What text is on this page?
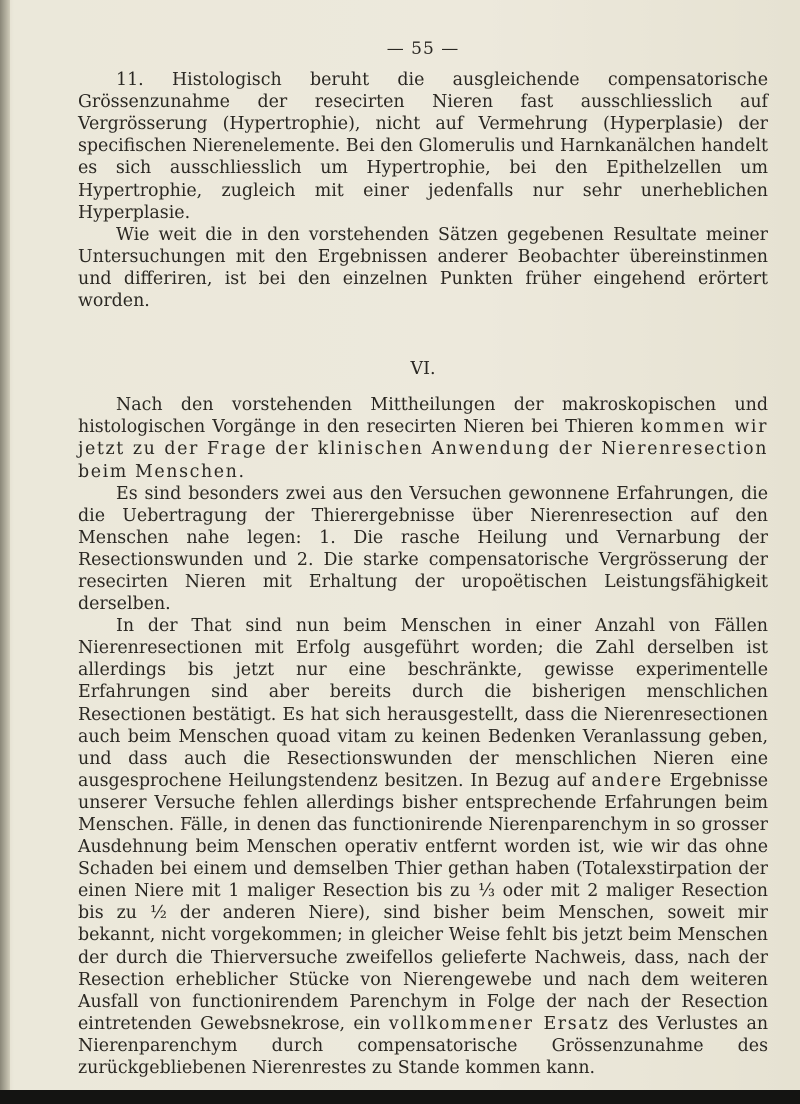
— 55 —

11. Histologisch beruht die ausgleichende compensatorische Grössenzunahme der resecirten Nieren fast ausschliesslich auf Vergrösserung (Hypertrophie), nicht auf Vermehrung (Hyperplasie) der specifischen Nierenelemente. Bei den Glomerulis und Harnkanälchen handelt es sich ausschliesslich um Hypertrophie, bei den Epithelzellen um Hypertrophie, zugleich mit einer jedenfalls nur sehr unerheblichen Hyperplasie.

Wie weit die in den vorstehenden Sätzen gegebenen Resultate meiner Untersuchungen mit den Ergebnissen anderer Beobachter übereinstinmen und differiren, ist bei den einzelnen Punkten früher eingehend erörtert worden.

VI.

Nach den vorstehenden Mittheilungen der makroskopischen und histologischen Vorgänge in den resecirten Nieren bei Thieren kommen wir jetzt zu der Frage der klinischen Anwendung der Nierenresection beim Menschen.

Es sind besonders zwei aus den Versuchen gewonnene Erfahrungen, die die Uebertragung der Thierergebnisse über Nierenresection auf den Menschen nahe legen: 1. Die rasche Heilung und Vernarbung der Resectionswunden und 2. Die starke compensatorische Vergrösserung der resecirten Nieren mit Erhaltung der uropoëtischen Leistungsfähigkeit derselben.

In der That sind nun beim Menschen in einer Anzahl von Fällen Nierenresectionen mit Erfolg ausgeführt worden; die Zahl derselben ist allerdings bis jetzt nur eine beschränkte, gewisse experimentelle Erfahrungen sind aber bereits durch die bisherigen menschlichen Resectionen bestätigt. Es hat sich herausgestellt, dass die Nierenresectionen auch beim Menschen quoad vitam zu keinen Bedenken Veranlassung geben, und dass auch die Resectionswunden der menschlichen Nieren eine ausgesprochene Heilungstendenz besitzen. In Bezug auf andere Ergebnisse unserer Versuche fehlen allerdings bisher entsprechende Erfahrungen beim Menschen. Fälle, in denen das functionirende Nierenparenchym in so grosser Ausdehnung beim Menschen operativ entfernt worden ist, wie wir das ohne Schaden bei einem und demselben Thier gethan haben (Totalexstirpation der einen Niere mit 1 maliger Resection bis zu ⅓ oder mit 2 maliger Resection bis zu ½ der anderen Niere), sind bisher beim Menschen, soweit mir bekannt, nicht vorgekommen; in gleicher Weise fehlt bis jetzt beim Menschen der durch die Thierversuche zweifellos gelieferte Nachweis, dass, nach der Resection erheblicher Stücke von Nierengewebe und nach dem weiteren Ausfall von functionirendem Parenchym in Folge der nach der Resection eintretenden Gewebsnekrose, ein vollkommener Ersatz des Verlustes an Nierenparenchym durch compensatorische Grössenzunahme des zurückgebliebenen Nierenrestes zu Stande kommen kann.
